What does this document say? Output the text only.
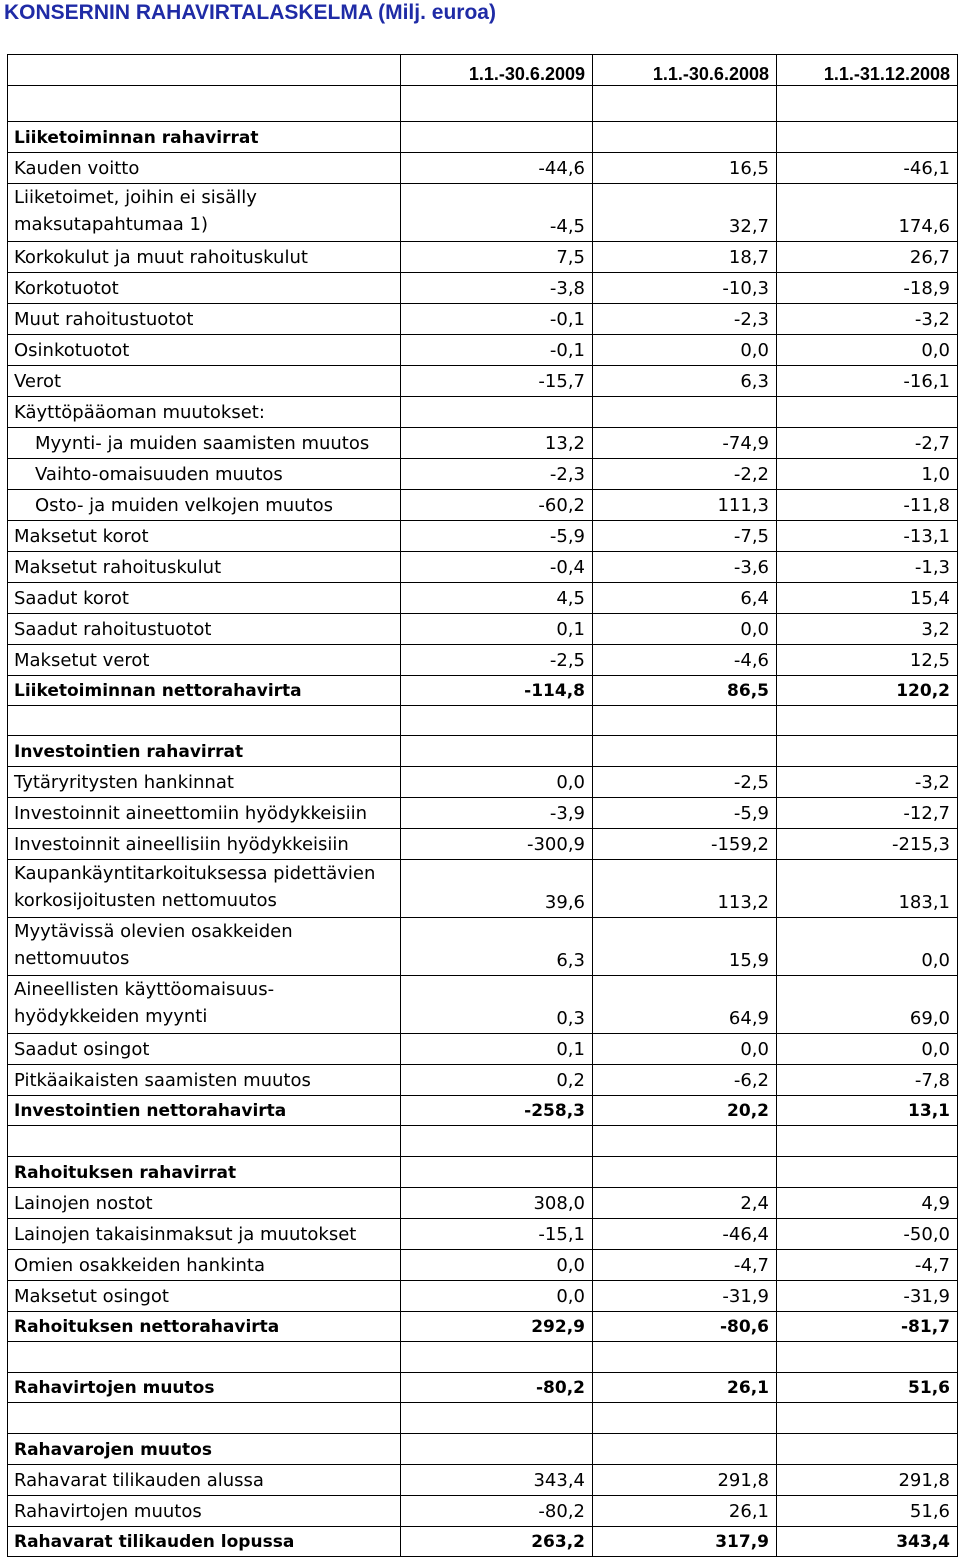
KONSERNIN RAHAVIRTALASKELMA (Milj. euroa)
	1.1.-30.6.2009	1.1.-30.6.2008	1.1.-31.12.2008

Liiketoiminnan rahavirrat			
Kauden voitto	-44,6	16,5	-46,1
Liiketoimet, joihin ei sisälly maksutapahtumaa 1)	-4,5	32,7	174,6
Korkokulut ja muut rahoituskulut	7,5	18,7	26,7
Korkotuotot	-3,8	-10,3	-18,9
Muut rahoitustuotot	-0,1	-2,3	-3,2
Osinkotuotot	-0,1	0,0	0,0
Verot	-15,7	6,3	-16,1
Käyttöpääoman muutokset:			
Myynti- ja muiden saamisten muutos	13,2	-74,9	-2,7
Vaihto-omaisuuden muutos	-2,3	-2,2	1,0
Osto- ja muiden velkojen muutos	-60,2	111,3	-11,8
Maksetut korot	-5,9	-7,5	-13,1
Maksetut rahoituskulut	-0,4	-3,6	-1,3
Saadut korot	4,5	6,4	15,4
Saadut rahoitustuotot	0,1	0,0	3,2
Maksetut verot	-2,5	-4,6	12,5
Liiketoiminnan nettorahavirta	-114,8	86,5	120,2

Investointien rahavirrat			
Tytäryritysten hankinnat	0,0	-2,5	-3,2
Investoinnit aineettomiin hyödykkeisiin	-3,9	-5,9	-12,7
Investoinnit aineellisiin hyödykkeisiin	-300,9	-159,2	-215,3
Kaupankäyntitarkoituksessa pidettävien korkosijoitusten nettomuutos	39,6	113,2	183,1
Myytävissä olevien osakkeiden nettomuutos	6,3	15,9	0,0
Aineellisten käyttöomaisuus-hyödykkeiden myynti	0,3	64,9	69,0
Saadut osingot	0,1	0,0	0,0
Pitkäaikaisten saamisten muutos	0,2	-6,2	-7,8
Investointien nettorahavirta	-258,3	20,2	13,1

Rahoituksen rahavirrat			
Lainojen nostot	308,0	2,4	4,9
Lainojen takaisinmaksut ja muutokset	-15,1	-46,4	-50,0
Omien osakkeiden hankinta	0,0	-4,7	-4,7
Maksetut osingot	0,0	-31,9	-31,9
Rahoituksen nettorahavirta	292,9	-80,6	-81,7

Rahavirtojen muutos	-80,2	26,1	51,6

Rahavarojen muutos			
Rahavarat tilikauden alussa	343,4	291,8	291,8
Rahavirtojen muutos	-80,2	26,1	51,6
Rahavarat tilikauden lopussa	263,2	317,9	343,4
